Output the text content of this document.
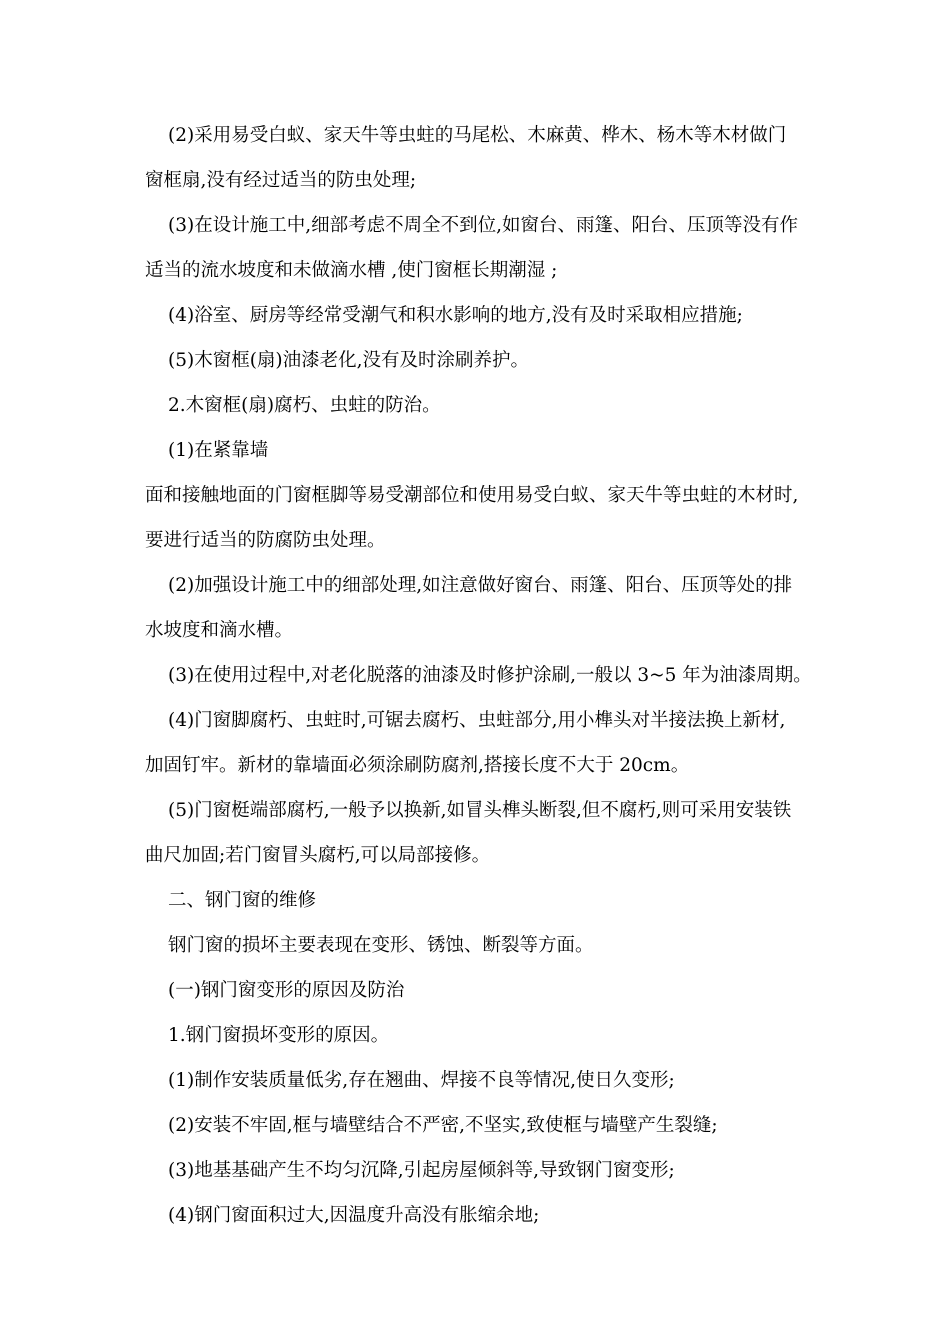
(2)采用易受白蚁、家天牛等虫蛀的马尾松、木麻黄、桦木、杨木等木材做门
窗框扇,没有经过适当的防虫处理;
(3)在设计施工中,细部考虑不周全不到位,如窗台、雨篷、阳台、压顶等没有作
适当的流水坡度和未做滴水槽 ,使门窗框长期潮湿 ;
(4)浴室、厨房等经常受潮气和积水影响的地方,没有及时采取相应措施;
(5)木窗框(扇)油漆老化,没有及时涂刷养护。
2.木窗框(扇)腐朽、虫蛀的防治。
(1)在紧靠墙
面和接触地面的门窗框脚等易受潮部位和使用易受白蚁、家天牛等虫蛀的木材时,
要进行适当的防腐防虫处理。
(2)加强设计施工中的细部处理,如注意做好窗台、雨篷、阳台、压顶等处的排
水坡度和滴水槽。
(3)在使用过程中,对老化脱落的油漆及时修护涂刷,一般以 3~5 年为油漆周期。
(4)门窗脚腐朽、虫蛀时,可锯去腐朽、虫蛀部分,用小榫头对半接法换上新材,
加固钉牢。新材的靠墙面必须涂刷防腐剂,搭接长度不大于 20cm。
(5)门窗梃端部腐朽,一般予以换新,如冒头榫头断裂,但不腐朽,则可采用安装铁
曲尺加固;若门窗冒头腐朽,可以局部接修。
二、钢门窗的维修
钢门窗的损坏主要表现在变形、锈蚀、断裂等方面。
(一)钢门窗变形的原因及防治
1.钢门窗损坏变形的原因。
(1)制作安装质量低劣,存在翘曲、焊接不良等情况,使日久变形;
(2)安装不牢固,框与墙壁结合不严密,不坚实,致使框与墙壁产生裂缝;
(3)地基基础产生不均匀沉降,引起房屋倾斜等,导致钢门窗变形;
(4)钢门窗面积过大,因温度升高没有胀缩余地;
